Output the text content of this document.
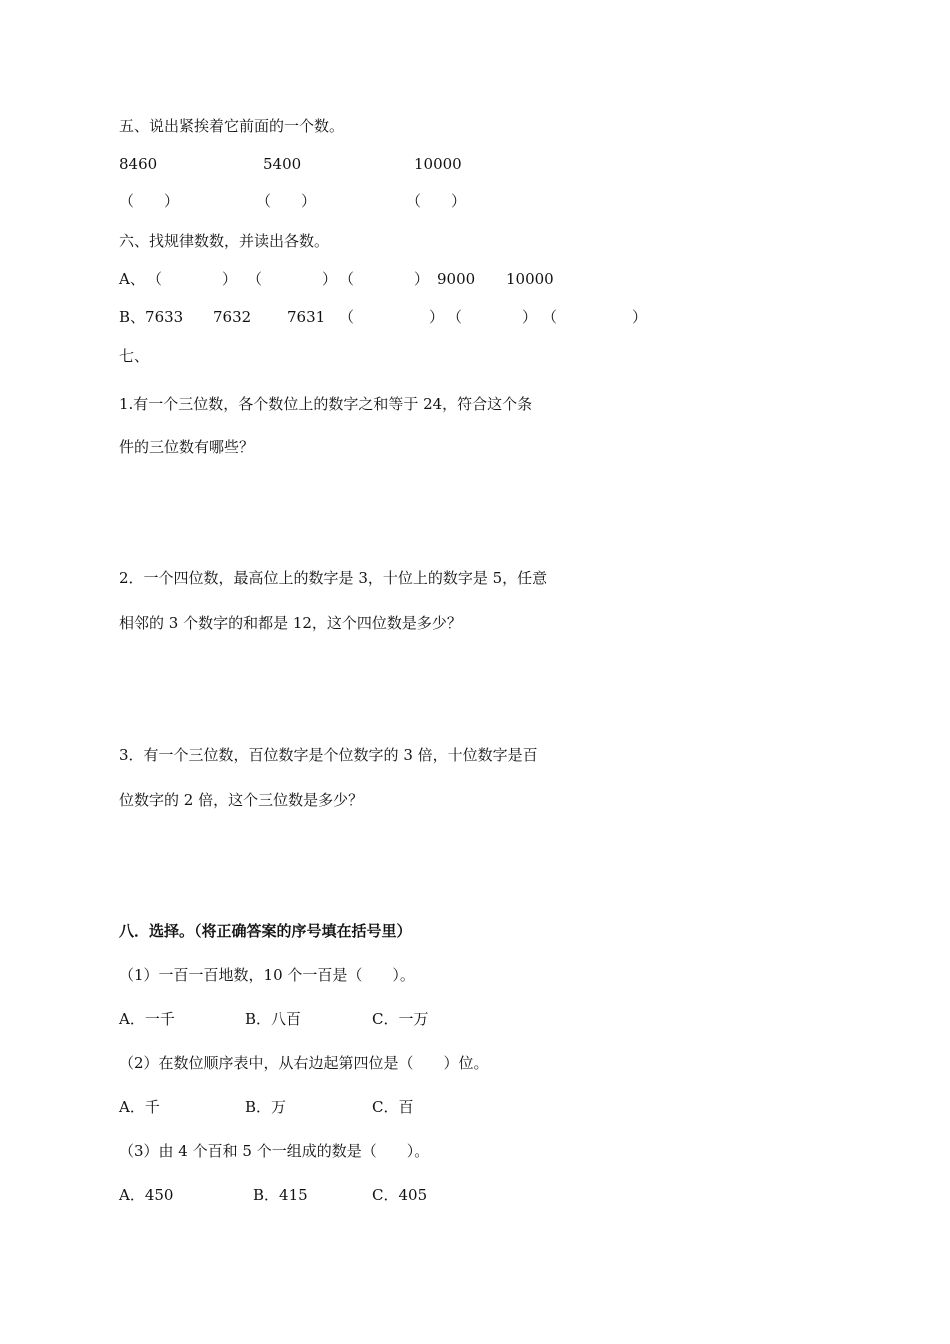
五、说出紧挨着它前面的一个数。
8460	5400	10000
（　　）	（　　）	（　　）
六、找规律数数，并读出各数。
A、 （　　　　） （　　　　） （　　　　） 9000 10000
B、7633 7632 7631 （　　　　　） （　　　　） （　　　　　）
七、
1.有一个三位数，各个数位上的数字之和等于 24，符合这个条
件的三位数有哪些？
2．一个四位数，最高位上的数字是 3，十位上的数字是 5，任意
相邻的 3 个数字的和都是 12，这个四位数是多少？
3．有一个三位数，百位数字是个位数字的 3 倍，十位数字是百
位数字的 2 倍，这个三位数是多少？
八．选择。（将正确答案的序号填在括号里）
（1）一百一百地数，10 个一百是（　　）。
A．一千	B．八百	C．一万
（2）在数位顺序表中，从右边起第四位是（　　）位。
A．千	B．万	C．百
（3）由 4 个百和 5 个一组成的数是（　　）。
A．450	B．415	C．405
